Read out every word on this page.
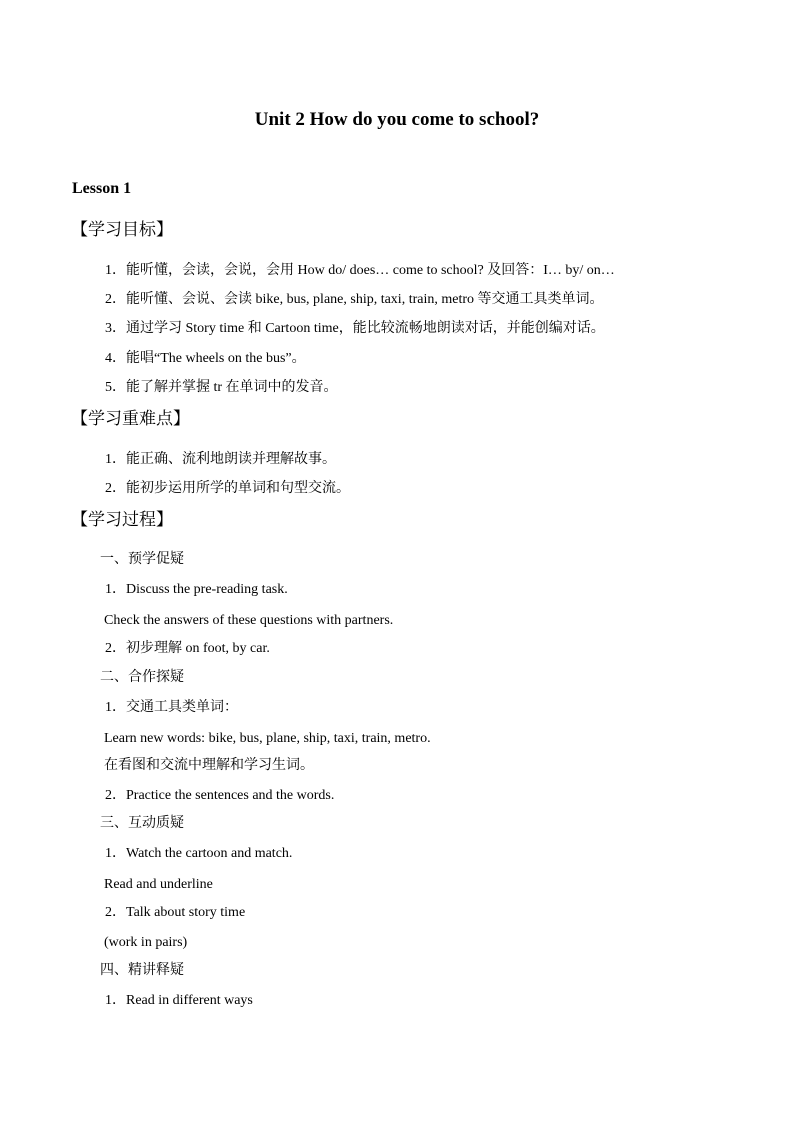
Unit 2 How do you come to school?
Lesson 1
【学习目标】
1．能听懂，会读，会说，会用 How do/ does… come to school? 及回答：I… by/ on…
2．能听懂、会说、会读 bike, bus, plane, ship, taxi, train, metro 等交通工具类单词。
3．通过学习 Story time 和 Cartoon time，能比较流畅地朗读对话，并能创编对话。
4．能唱“The wheels on the bus”。
5．能了解并掌握 tr 在单词中的发音。
【学习重难点】
1．能正确、流利地朗读并理解故事。
2．能初步运用所学的单词和句型交流。
【学习过程】
一、预学促疑
1．Discuss the pre-reading task.
Check the answers of these questions with partners.
2．初步理解 on foot, by car.
二、合作探疑
1．交通工具类单词：
Learn new words: bike, bus, plane, ship, taxi, train, metro.
在看图和交流中理解和学习生词。
2．Practice the sentences and the words.
三、互动质疑
1．Watch the cartoon and match.
Read and underline
2．Talk about story time
(work in pairs)
四、精讲释疑
1．Read in different ways
